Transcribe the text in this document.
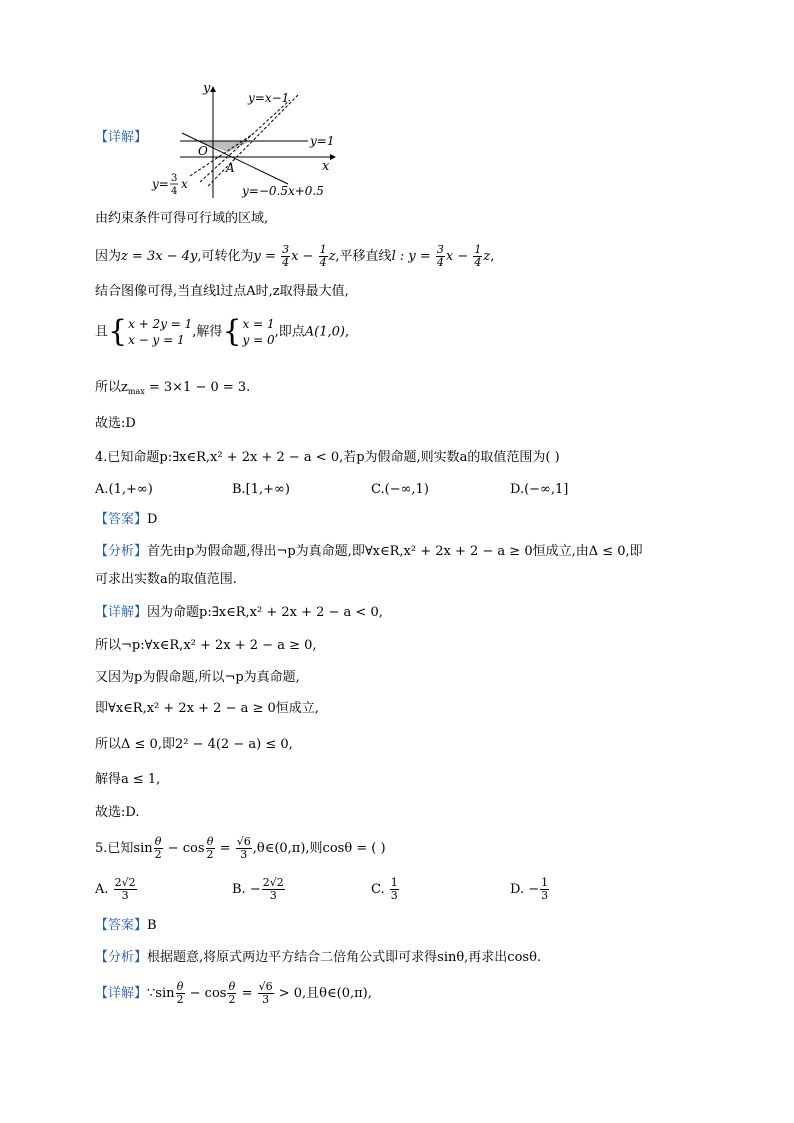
【详解】
y
x
O
A
y=x−1
y=1
y= 3
4
x	y=−0.5x+0.5
由约束条件可得可行域的区域,
因为z = 3x − 4y,可转化为$y = \frac{3}{4}$ $x - \frac{1}{4} z$,平移直线l : $y = \frac{3}{4}$ $x - \frac{1}{4} z$,
结合图像可得,当直线l过点A时,z取得最大值,
且{ x + 2y = 1
x − y = 1
,解得{ x = 1
y = 0
,即点A(1,0),
所以$z_{max} = 3\times 1 - 0 = 3$.
故选:D
4.已知命题p:∃x∈R,x² + 2x + 2 − a < 0,若p为假命题,则实数a的取值范围为( )
A.(1,+∞)	B.[1,+∞)	C.(−∞,1)	D.(−∞,1]
【答案】D
【分析】首先由p为假命题,得出¬p为真命题,即∀x∈R,x² + 2x + 2 − a ≥ 0恒成立,由Δ ≤ 0,即
可求出实数a的取值范围.
【详解】因为命题p:∃x∈R,x² + 2x + 2 − a < 0,
所以¬p:∀x∈R,x² + 2x + 2 − a ≥ 0,
又因为p为假命题,所以¬p为真命题,
即∀x∈R,x² + 2x + 2 − a ≥ 0恒成立,
所以Δ ≤ 0,即2² − 4(2 − a) ≤ 0,
解得a ≤ 1,
故选:D.
5.已知$\sin \frac{\theta}{2} - \cos \frac{\theta}{2} = \frac{√6}{3}$ ,θ∈(0,π),则cosθ = ( )
A. $\frac{2√2}{3}$	B. − $\frac{2√2}{3}$	C. $\frac{1}{3}$	D. − $\frac{1}{3}$
【答案】B
【分析】根据题意,将原式两边平方结合二倍角公式即可求得sinθ,再求出cosθ.
【详解】∵sin $\frac{\theta}{2} - \cos \frac{\theta}{2} = \frac{√6}{3} > 0$,且θ∈(0,π),
